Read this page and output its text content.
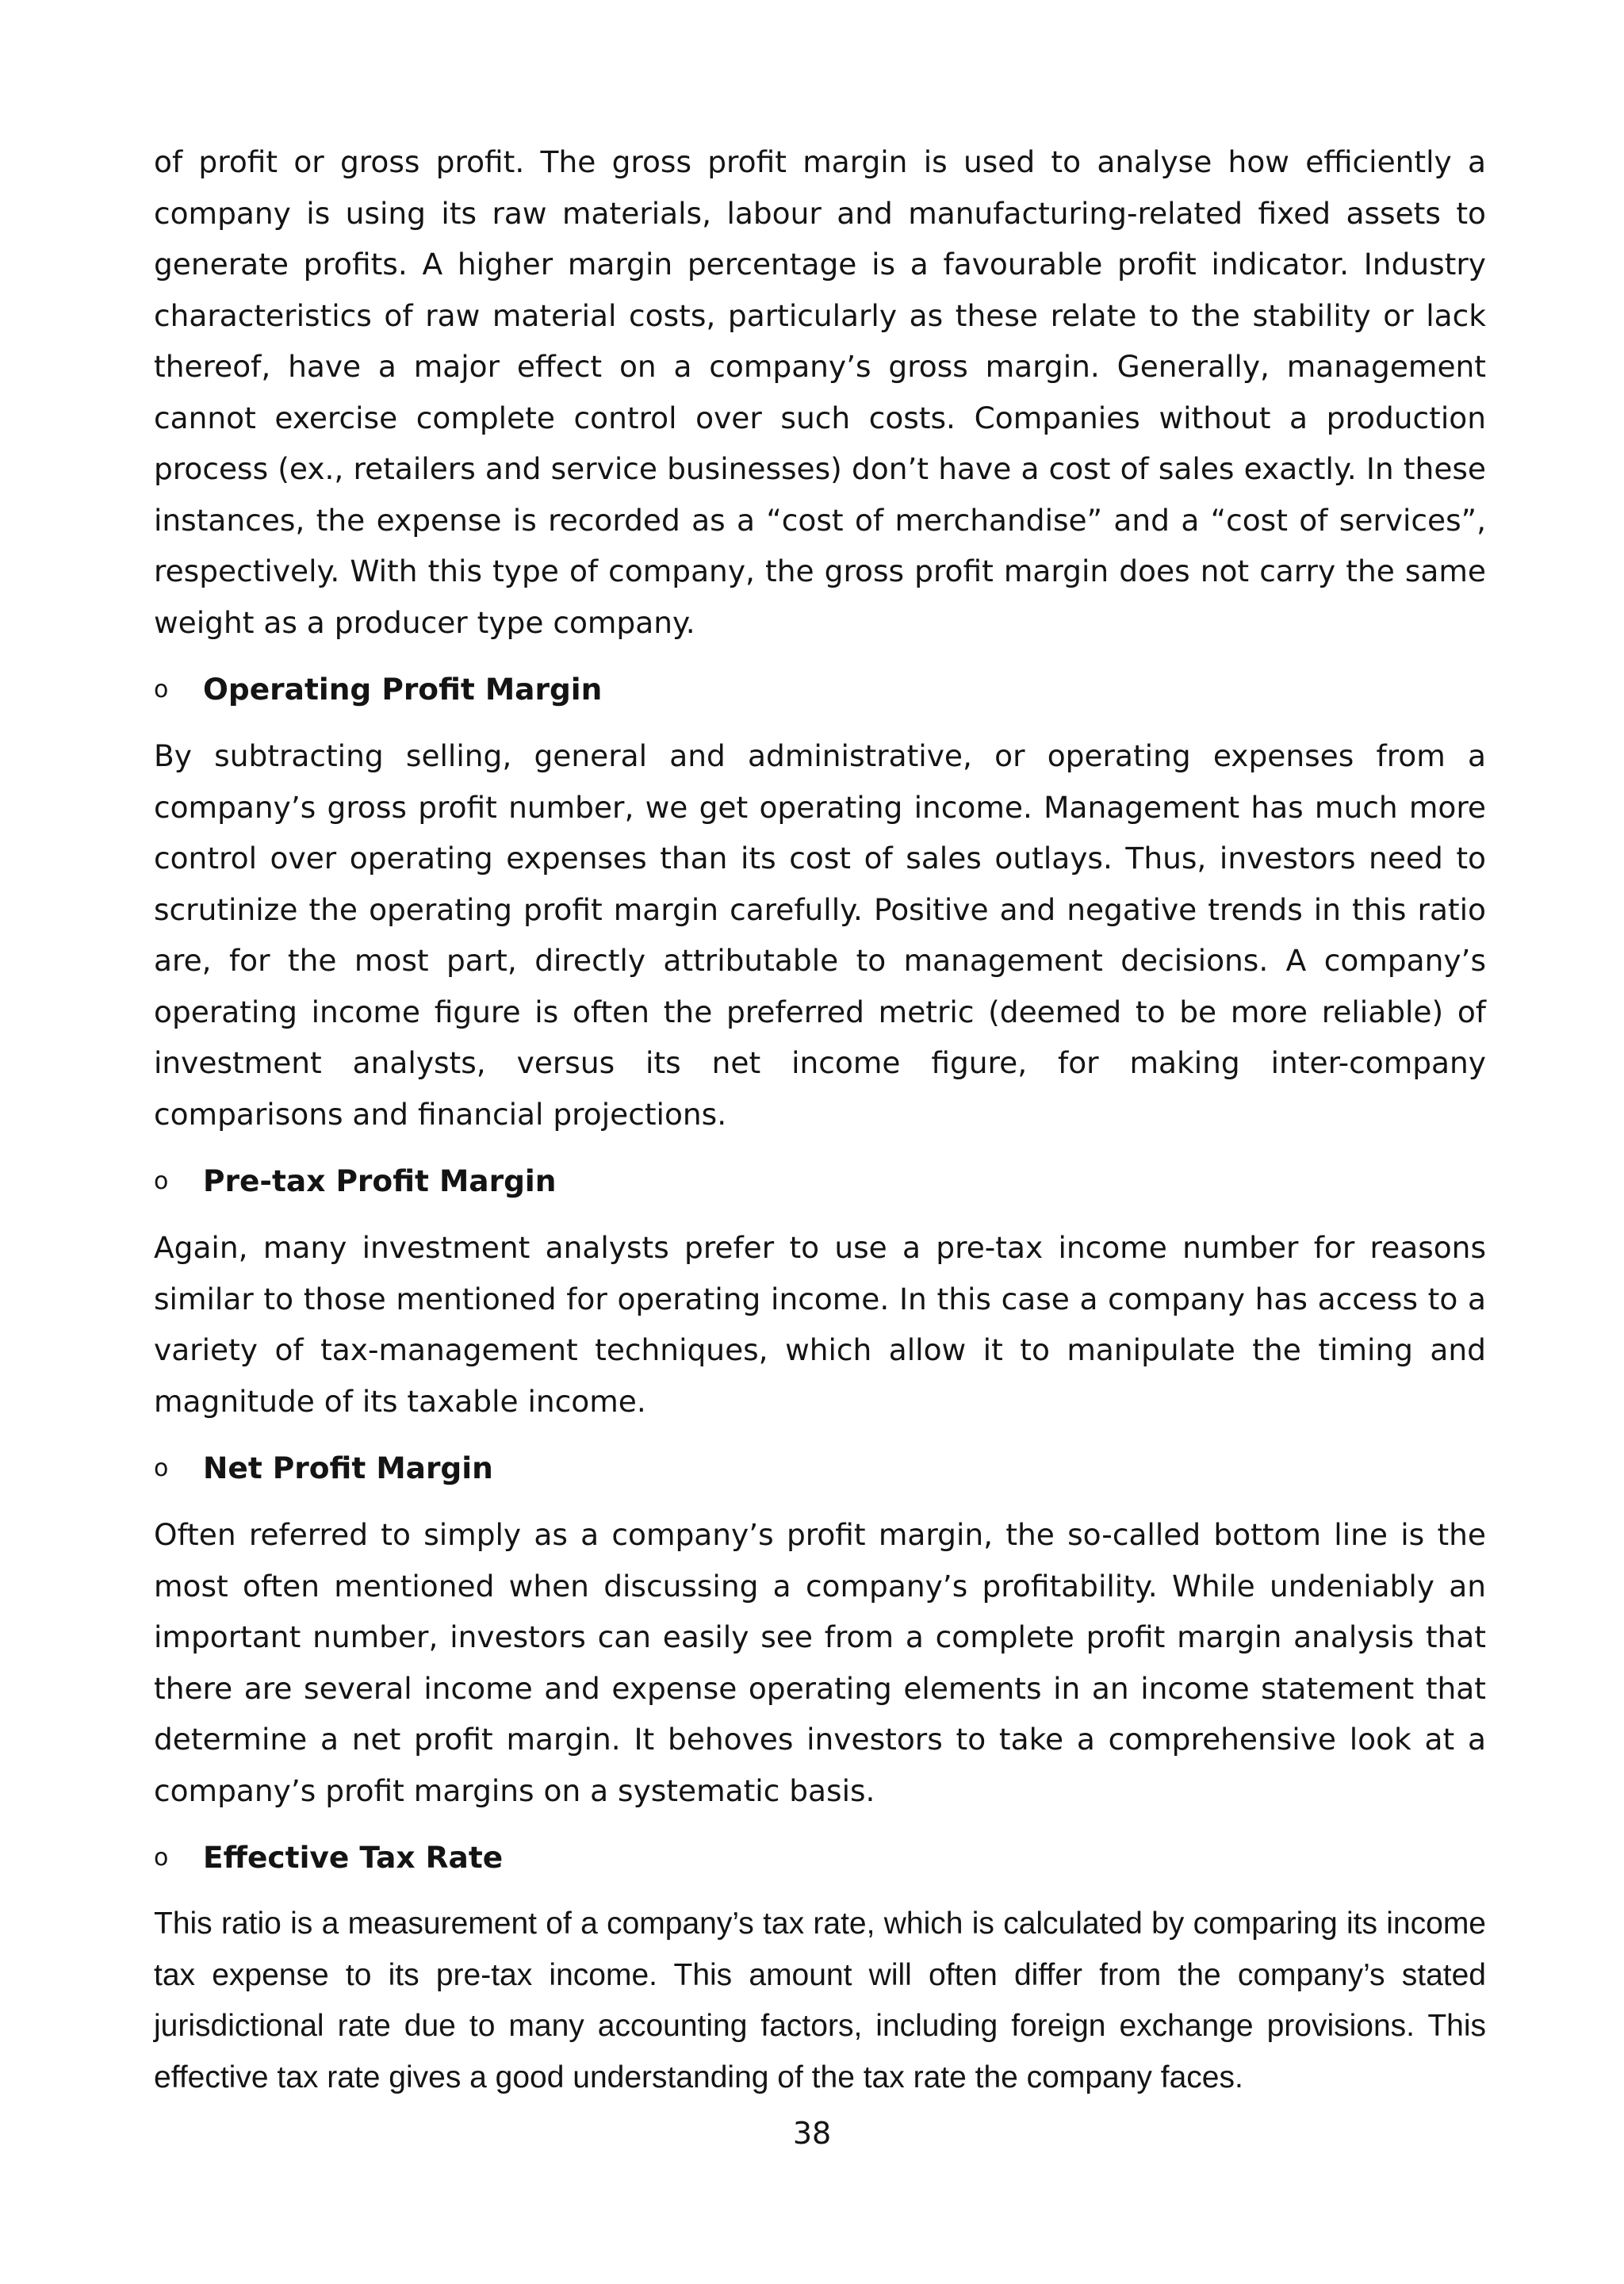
of profit or gross profit. The gross profit margin is used to analyse how efficiently a company is using its raw materials, labour and manufacturing-related fixed assets to generate profits. A higher margin percentage is a favourable profit indicator. Industry characteristics of raw material costs, particularly as these relate to the stability or lack thereof, have a major effect on a company’s gross margin. Generally, management cannot exercise complete control over such costs. Companies without a production process (ex., retailers and service businesses) don’t have a cost of sales exactly. In these instances, the expense is recorded as a “cost of merchandise” and a “cost of services”, respectively. With this type of company, the gross profit margin does not carry the same weight as a producer type company.

o	Operating Profit Margin

By subtracting selling, general and administrative, or operating expenses from a company’s gross profit number, we get operating income. Management has much more control over operating expenses than its cost of sales outlays. Thus, investors need to scrutinize the operating profit margin carefully. Positive and negative trends in this ratio are, for the most part, directly attributable to management decisions. A company’s operating income figure is often the preferred metric (deemed to be more reliable) of investment analysts, versus its net income figure, for making inter-company comparisons and financial projections.

o	Pre-tax Profit Margin

Again, many investment analysts prefer to use a pre-tax income number for reasons similar to those mentioned for operating income. In this case a company has access to a variety of tax-management techniques, which allow it to manipulate the timing and magnitude of its taxable income.

o	Net Profit Margin

Often referred to simply as a company’s profit margin, the so-called bottom line is the most often mentioned when discussing a company’s profitability. While undeniably an important number, investors can easily see from a complete profit margin analysis that there are several income and expense operating elements in an income statement that determine a net profit margin. It behoves investors to take a comprehensive look at a company’s profit margins on a systematic basis.

o	Effective Tax Rate

This ratio is a measurement of a company’s tax rate, which is calculated by comparing its income tax expense to its pre-tax income. This amount will often differ from the company’s stated jurisdictional rate due to many accounting factors, including foreign exchange provisions. This effective tax rate gives a good understanding of the tax rate the company faces.

38
